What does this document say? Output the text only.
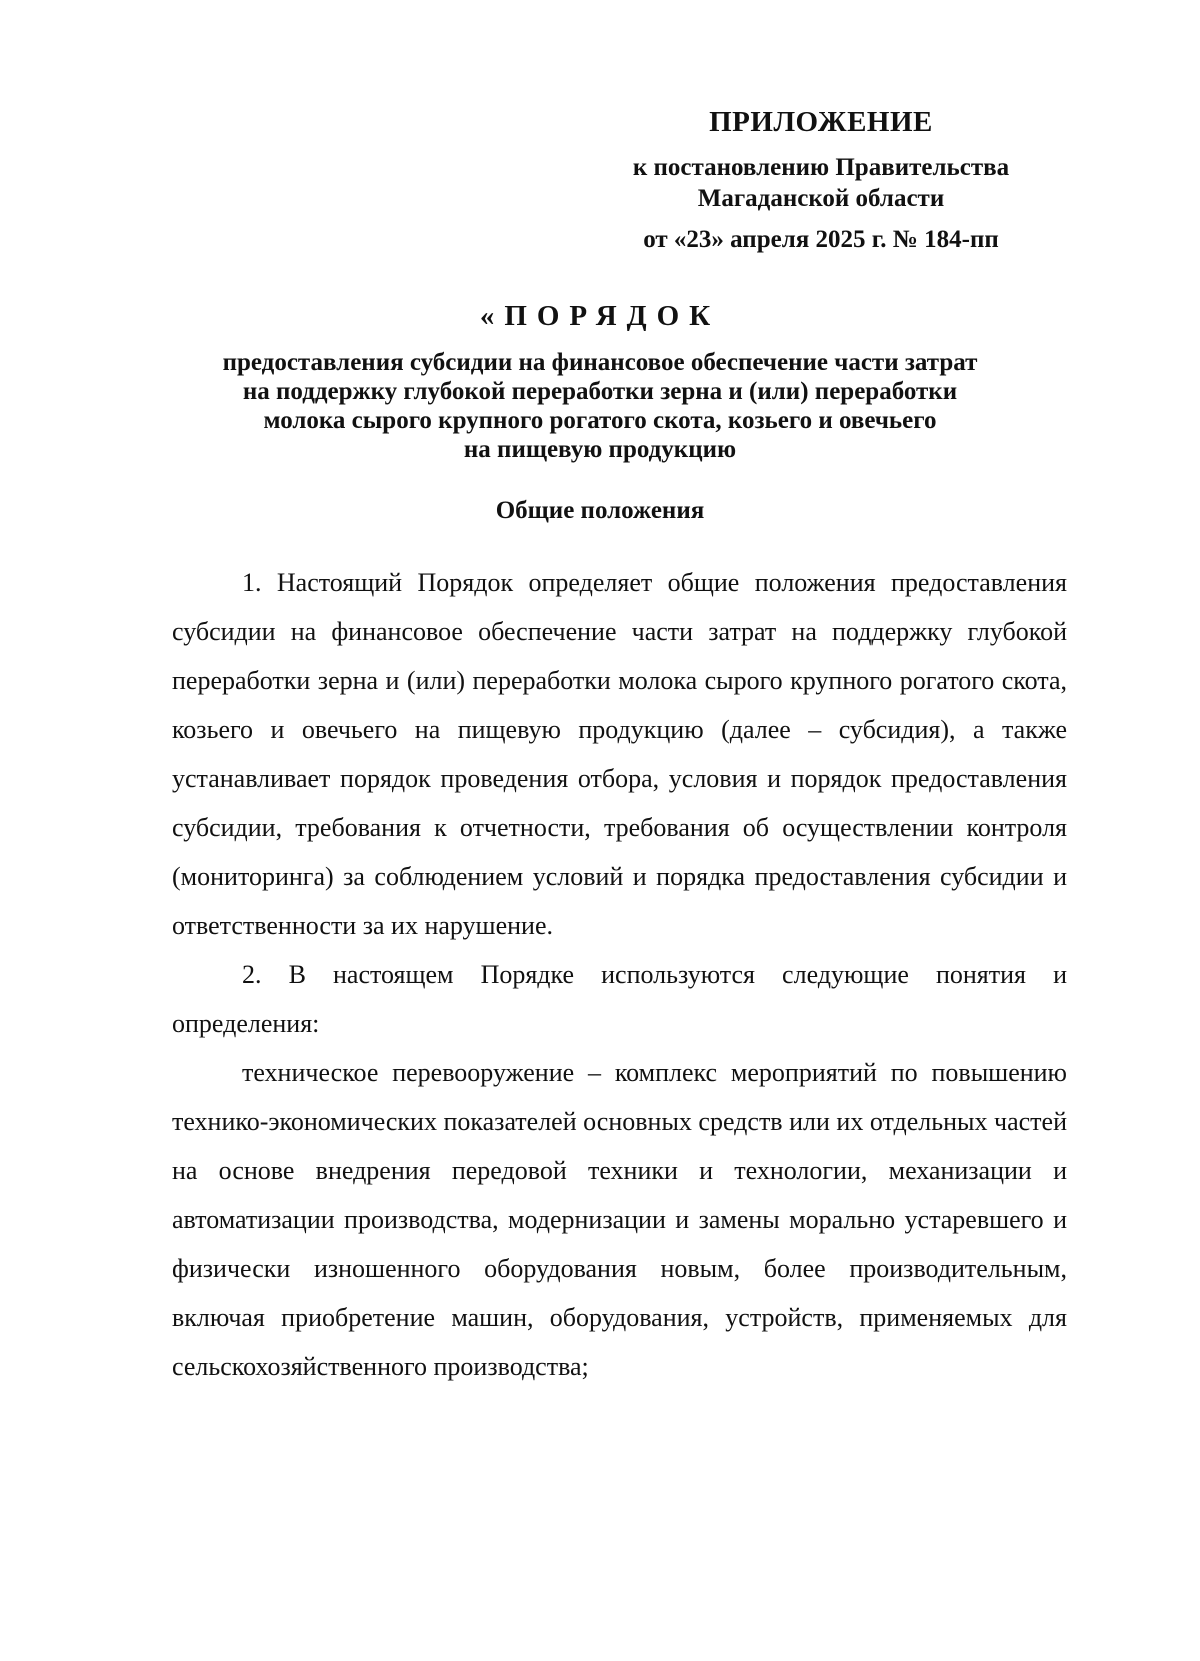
ПРИЛОЖЕНИЕ
к постановлению Правительства
Магаданской области
от «23» апреля 2025 г. № 184-пп
«ПОРЯДОК
предоставления субсидии на финансовое обеспечение части затрат
на поддержку глубокой переработки зерна и (или) переработки
молока сырого крупного рогатого скота, козьего и овечьего
на пищевую продукцию
Общие положения

1. Настоящий Порядок определяет общие положения предоставления субсидии на финансовое обеспечение части затрат на поддержку глубокой переработки зерна и (или) переработки молока сырого крупного рогатого скота, козьего и овечьего на пищевую продукцию (далее – субсидия), а также устанавливает порядок проведения отбора, условия и порядок предоставления субсидии, требования к отчетности, требования об осуществлении контроля (мониторинга) за соблюдением условий и порядка предоставления субсидии и ответственности за их нарушение.

2. В настоящем Порядке используются следующие понятия и определения:

техническое перевооружение – комплекс мероприятий по повышению технико-экономических показателей основных средств или их отдельных частей на основе внедрения передовой техники и технологии, механизации и автоматизации производства, модернизации и замены морально устаревшего и физически изношенного оборудования новым, более производительным, включая приобретение машин, оборудования, устройств, применяемых для сельскохозяйственного производства;
